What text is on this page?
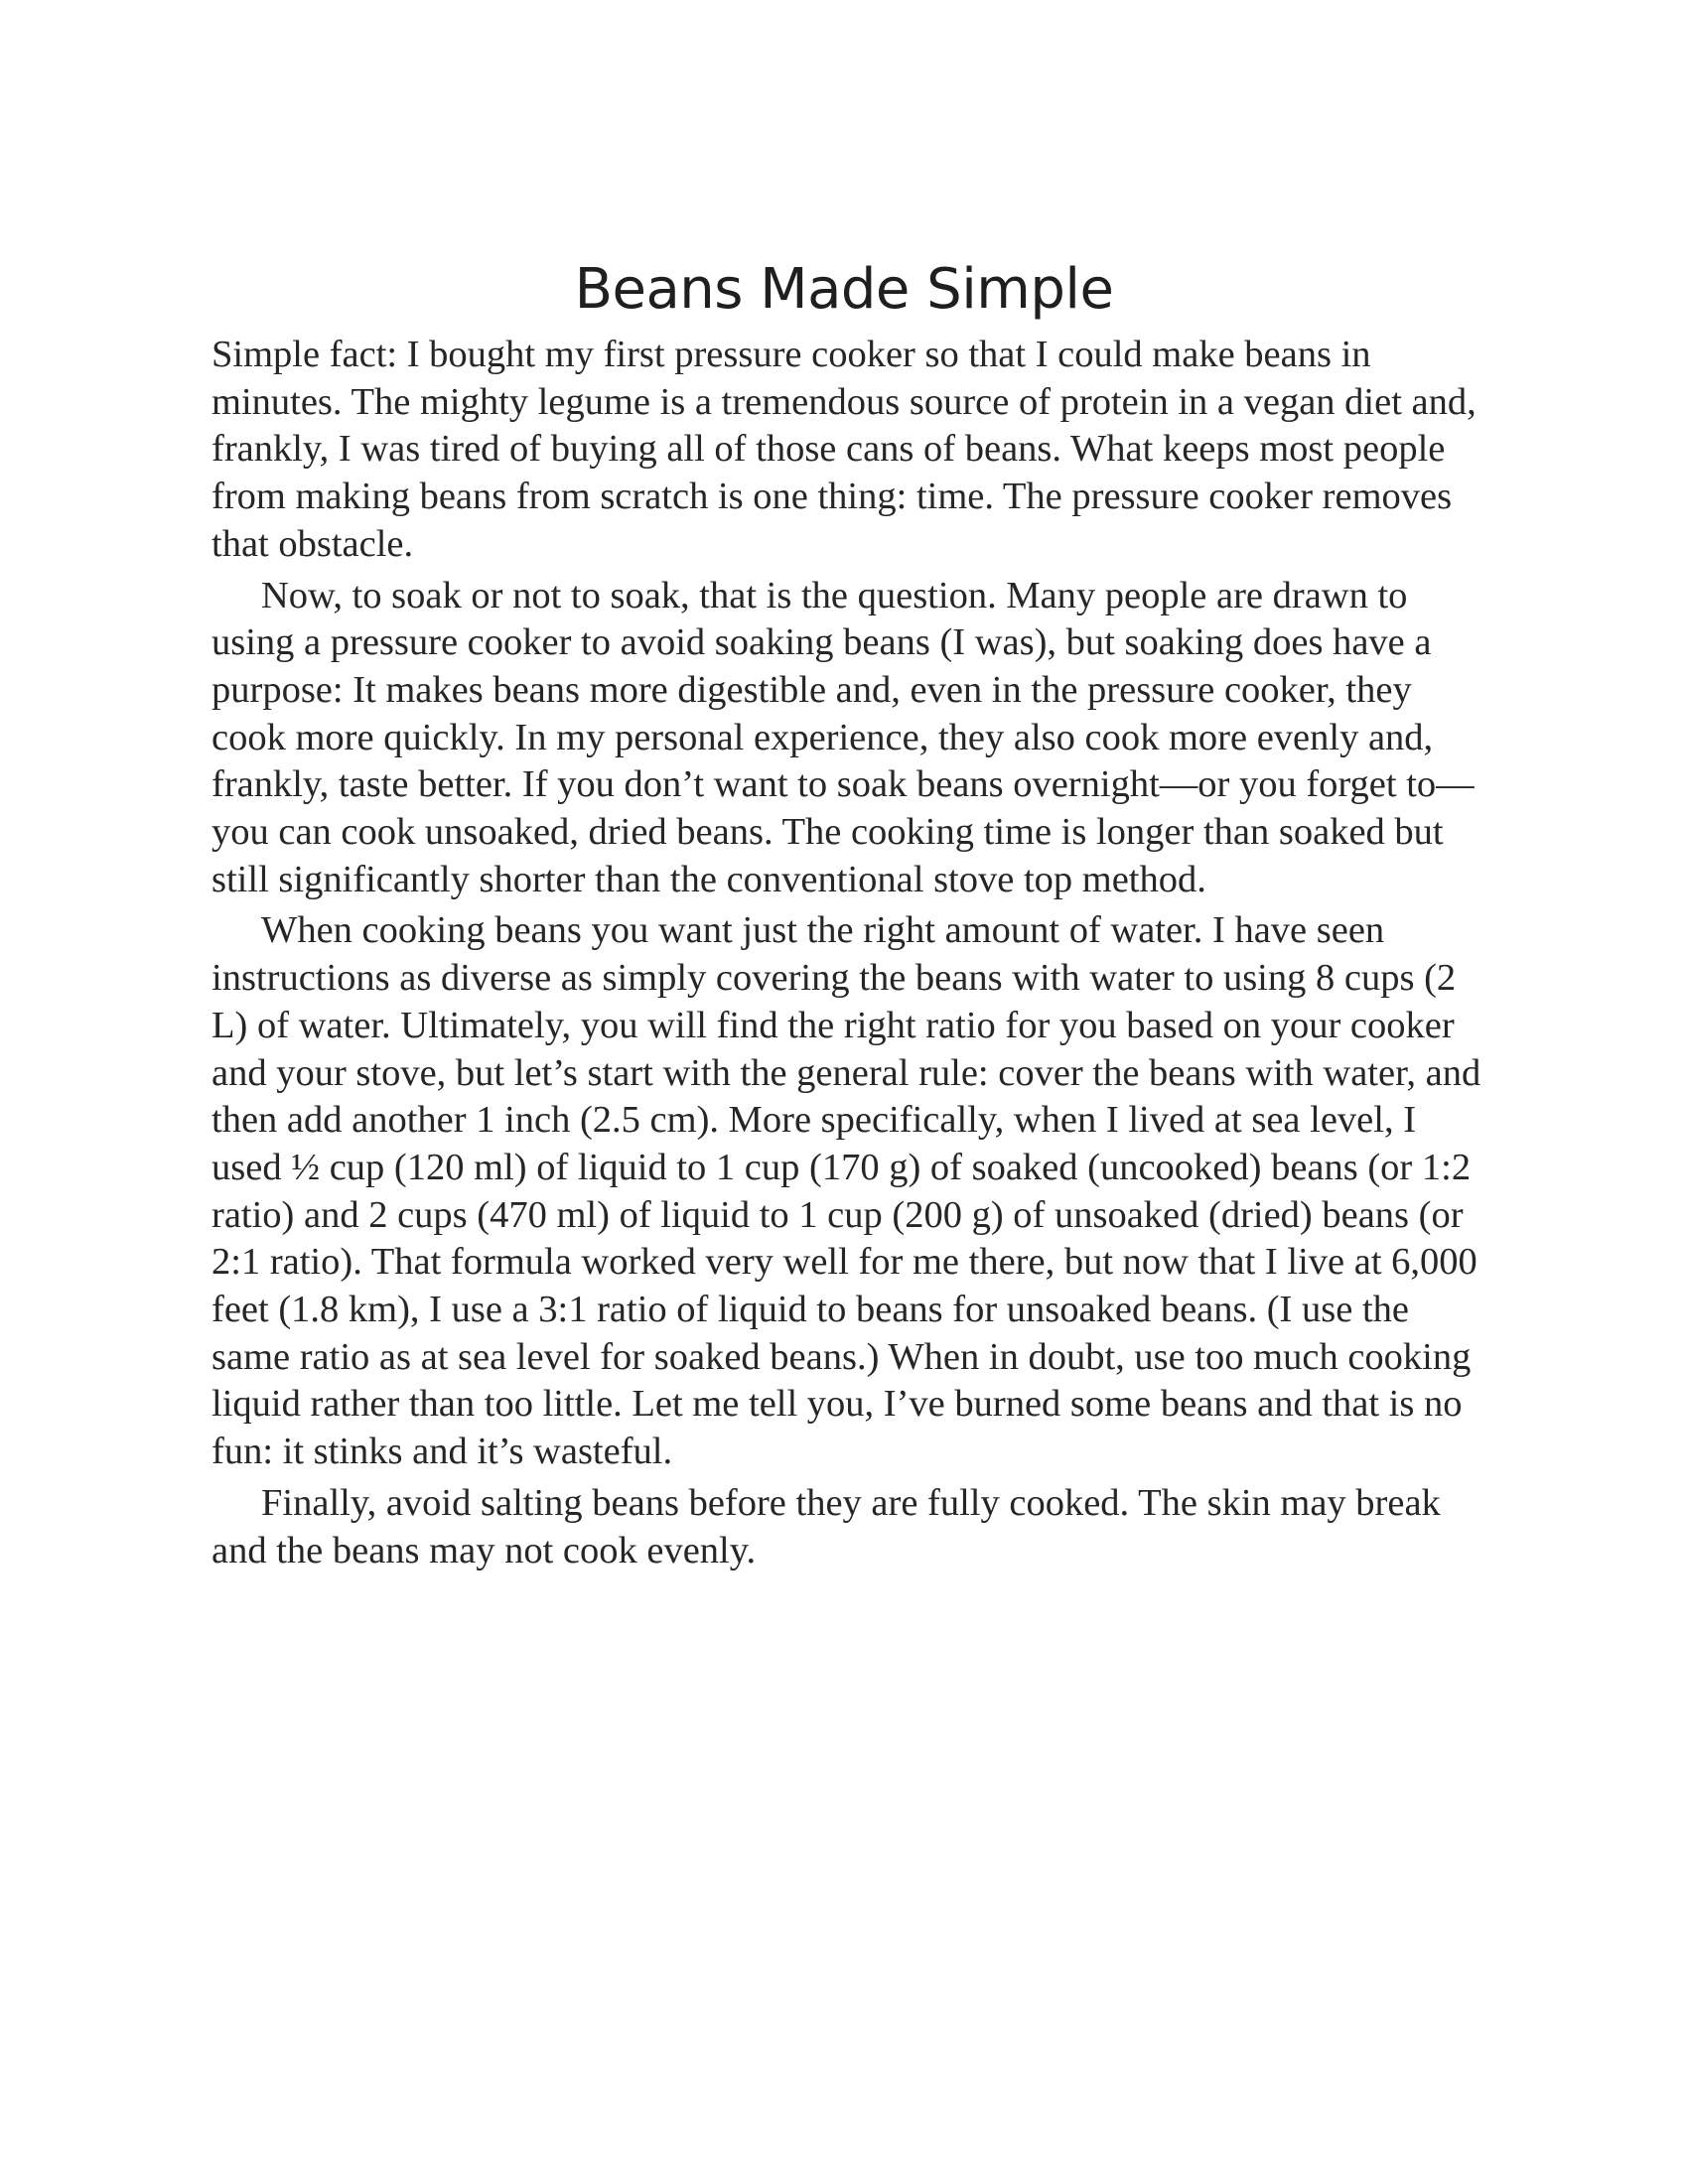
Beans Made Simple

Simple fact: I bought my first pressure cooker so that I could make beans in minutes. The mighty legume is a tremendous source of protein in a vegan diet and, frankly, I was tired of buying all of those cans of beans. What keeps most people from making beans from scratch is one thing: time. The pressure cooker removes that obstacle.

Now, to soak or not to soak, that is the question. Many people are drawn to using a pressure cooker to avoid soaking beans (I was), but soaking does have a purpose: It makes beans more digestible and, even in the pressure cooker, they cook more quickly. In my personal experience, they also cook more evenly and, frankly, taste better. If you don’t want to soak beans overnight—or you forget to—you can cook unsoaked, dried beans. The cooking time is longer than soaked but still significantly shorter than the conventional stove top method.

When cooking beans you want just the right amount of water. I have seen instructions as diverse as simply covering the beans with water to using 8 cups (2 L) of water. Ultimately, you will find the right ratio for you based on your cooker and your stove, but let’s start with the general rule: cover the beans with water, and then add another 1 inch (2.5 cm). More specifically, when I lived at sea level, I used ½ cup (120 ml) of liquid to 1 cup (170 g) of soaked (uncooked) beans (or 1:2 ratio) and 2 cups (470 ml) of liquid to 1 cup (200 g) of unsoaked (dried) beans (or 2:1 ratio). That formula worked very well for me there, but now that I live at 6,000 feet (1.8 km), I use a 3:1 ratio of liquid to beans for unsoaked beans. (I use the same ratio as at sea level for soaked beans.) When in doubt, use too much cooking liquid rather than too little. Let me tell you, I’ve burned some beans and that is no fun: it stinks and it’s wasteful.

Finally, avoid salting beans before they are fully cooked. The skin may break and the beans may not cook evenly.
